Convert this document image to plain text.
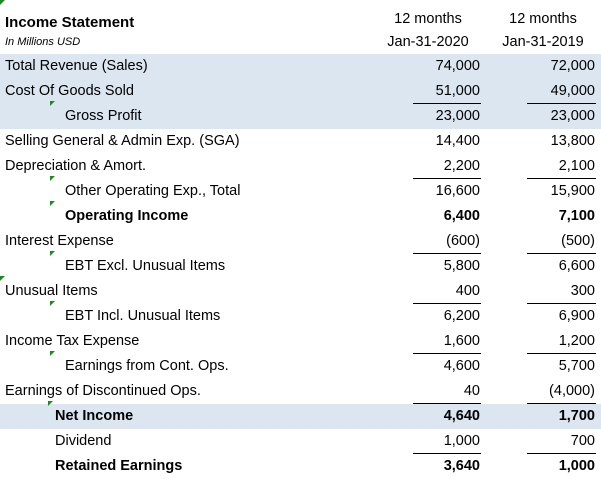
Income Statement
In Millions USD
12 months
Jan-31-2020
12 months
Jan-31-2019
Total Revenue (Sales)	74,000	72,000
Cost Of Goods Sold	51,000	49,000
Gross Profit	23,000	23,000
Selling General & Admin Exp. (SGA)	14,400	13,800
Depreciation & Amort.	2,200	2,100
Other Operating Exp., Total	16,600	15,900
Operating Income	6,400	7,100
Interest Expense	(600)	(500)
EBT Excl. Unusual Items	5,800	6,600
Unusual Items	400	300
EBT Incl. Unusual Items	6,200	6,900
Income Tax Expense	1,600	1,200
Earnings from Cont. Ops.	4,600	5,700
Earnings of Discontinued Ops.	40	(4,000)
Net Income	4,640	1,700
Dividend	1,000	700
Retained Earnings	3,640	1,000
